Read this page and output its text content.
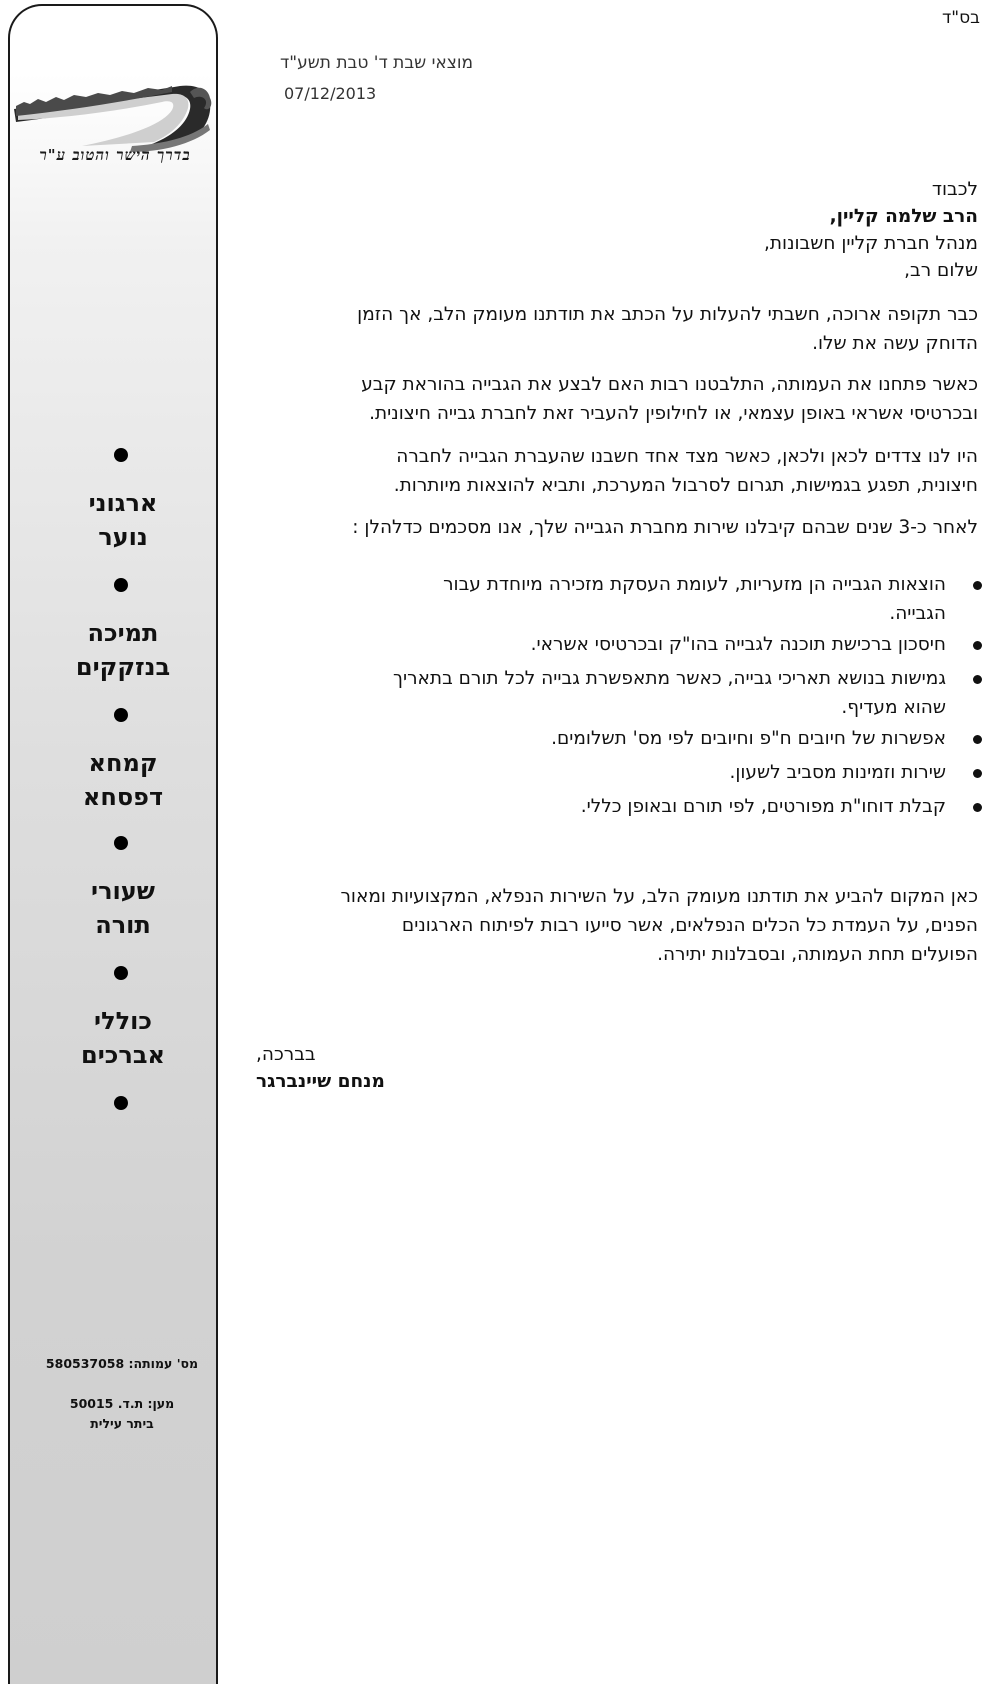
בדרך הישר והטוב ע"ר
ארגוני
נוער
תמיכה
בנזקקים
קמחא
דפסחא
שעורי
תורה
כוללי
אברכים
מס' עמותה: 580537058
מען: ת.ד. 50015
ביתר עילית
בס"ד
מוצאי שבת ד' טבת תשע"ד
07/12/2013
לכבוד
הרב שלמה קליין,
מנהל חברת קליין חשבונות,
שלום רב,
כבר תקופה ארוכה, חשבתי להעלות על הכתב את תודתנו מעומק הלב, אך הזמן
הדוחק עשה את שלו.
כאשר פתחנו את העמותה, התלבטנו רבות האם לבצע את הגבייה בהוראת קבע
ובכרטיסי אשראי באופן עצמאי, או לחילופין להעביר זאת לחברת גבייה חיצונית.
היו לנו צדדים לכאן ולכאן, כאשר מצד אחד חשבנו שהעברת הגבייה לחברה
חיצונית, תפגע בגמישות, תגרום לסרבול המערכת, ותביא להוצאות מיותרות.
לאחר כ-3 שנים שבהם קיבלנו שירות מחברת הגבייה שלך, אנו מסכמים כדלהלן :
הוצאות הגבייה הן מזעריות, לעומת העסקת מזכירה מיוחדת עבור
הגבייה.
חיסכון ברכישת תוכנה לגבייה בהו"ק ובכרטיסי אשראי.
גמישות בנושא תאריכי גבייה, כאשר מתאפשרת גבייה לכל תורם בתאריך
שהוא מעדיף.
אפשרות של חיובים ח"פ וחיובים לפי מס' תשלומים.
שירות וזמינות מסביב לשעון.
קבלת דוחו"ת מפורטים, לפי תורם ובאופן כללי.
כאן המקום להביע את תודתנו מעומק הלב, על השירות הנפלא, המקצועיות ומאור
הפנים, על העמדת כל הכלים הנפלאים, אשר סייעו רבות לפיתוח הארגונים
הפועלים תחת העמותה, ובסבלנות יתירה.
בברכה,
מנחם שיינברגר
